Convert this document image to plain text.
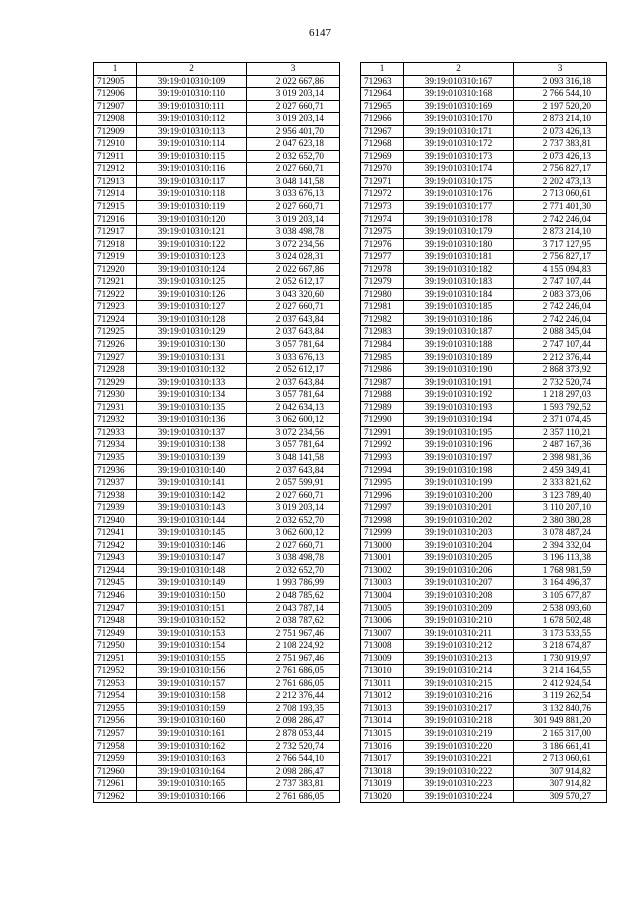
6147
1	2	3
712905	39:19:010310:109	2 022 667,86
712906	39:19:010310:110	3 019 203,14
712907	39:19:010310:111	2 027 660,71
712908	39:19:010310:112	3 019 203,14
712909	39:19:010310:113	2 956 401,70
712910	39:19:010310:114	2 047 623,18
712911	39:19:010310:115	2 032 652,70
712912	39:19:010310:116	2 027 660,71
712913	39:19:010310:117	3 048 141,58
712914	39:19:010310:118	3 033 676,13
712915	39:19:010310:119	2 027 660,71
712916	39:19:010310:120	3 019 203,14
712917	39:19:010310:121	3 038 498,78
712918	39:19:010310:122	3 072 234,56
712919	39:19:010310:123	3 024 028,31
712920	39:19:010310:124	2 022 667,86
712921	39:19:010310:125	2 052 612,17
712922	39:19:010310:126	3 043 320,60
712923	39:19:010310:127	2 027 660,71
712924	39:19:010310:128	2 037 643,84
712925	39:19:010310:129	2 037 643,84
712926	39:19:010310:130	3 057 781,64
712927	39:19:010310:131	3 033 676,13
712928	39:19:010310:132	2 052 612,17
712929	39:19:010310:133	2 037 643,84
712930	39:19:010310:134	3 057 781,64
712931	39:19:010310:135	2 042 634,13
712932	39:19:010310:136	3 062 600,12
712933	39:19:010310:137	3 072 234,56
712934	39:19:010310:138	3 057 781,64
712935	39:19:010310:139	3 048 141,58
712936	39:19:010310:140	2 037 643,84
712937	39:19:010310:141	2 057 599,91
712938	39:19:010310:142	2 027 660,71
712939	39:19:010310:143	3 019 203,14
712940	39:19:010310:144	2 032 652,70
712941	39:19:010310:145	3 062 600,12
712942	39:19:010310:146	2 027 660,71
712943	39:19:010310:147	3 038 498,78
712944	39:19:010310:148	2 032 652,70
712945	39:19:010310:149	1 993 786,99
712946	39:19:010310:150	2 048 785,62
712947	39:19:010310:151	2 043 787,14
712948	39:19:010310:152	2 038 787,62
712949	39:19:010310:153	2 751 967,46
712950	39:19:010310:154	2 108 224,92
712951	39:19:010310:155	2 751 967,46
712952	39:19:010310:156	2 761 686,05
712953	39:19:010310:157	2 761 686,05
712954	39:19:010310:158	2 212 376,44
712955	39:19:010310:159	2 708 193,35
712956	39:19:010310:160	2 098 286,47
712957	39:19:010310:161	2 878 053,44
712958	39:19:010310:162	2 732 520,74
712959	39:19:010310:163	2 766 544,10
712960	39:19:010310:164	2 098 286,47
712961	39:19:010310:165	2 737 383,81
712962	39:19:010310:166	2 761 686,05
1	2	3
712963	39:19:010310:167	2 093 316,18
712964	39:19:010310:168	2 766 544,10
712965	39:19:010310:169	2 197 520,20
712966	39:19:010310:170	2 873 214,10
712967	39:19:010310:171	2 073 426,13
712968	39:19:010310:172	2 737 383,81
712969	39:19:010310:173	2 073 426,13
712970	39:19:010310:174	2 756 827,17
712971	39:19:010310:175	2 202 473,13
712972	39:19:010310:176	2 713 060,61
712973	39:19:010310:177	2 771 401,30
712974	39:19:010310:178	2 742 246,04
712975	39:19:010310:179	2 873 214,10
712976	39:19:010310:180	3 717 127,95
712977	39:19:010310:181	2 756 827,17
712978	39:19:010310:182	4 155 094,83
712979	39:19:010310:183	2 747 107,44
712980	39:19:010310:184	2 083 373,06
712981	39:19:010310:185	2 742 246,04
712982	39:19:010310:186	2 742 246,04
712983	39:19:010310:187	2 088 345,04
712984	39:19:010310:188	2 747 107,44
712985	39:19:010310:189	2 212 376,44
712986	39:19:010310:190	2 868 373,92
712987	39:19:010310:191	2 732 520,74
712988	39:19:010310:192	1 218 297,03
712989	39:19:010310:193	1 593 792,52
712990	39:19:010310:194	2 371 074,45
712991	39:19:010310:195	2 357 110,21
712992	39:19:010310:196	2 487 167,36
712993	39:19:010310:197	2 398 981,36
712994	39:19:010310:198	2 459 349,41
712995	39:19:010310:199	2 333 821,62
712996	39:19:010310:200	3 123 789,40
712997	39:19:010310:201	3 110 207,10
712998	39:19:010310:202	2 380 380,28
712999	39:19:010310:203	3 078 487,24
713000	39:19:010310:204	2 394 332,04
713001	39:19:010310:205	3 196 113,38
713002	39:19:010310:206	1 768 981,59
713003	39:19:010310:207	3 164 496,37
713004	39:19:010310:208	3 105 677,87
713005	39:19:010310:209	2 538 093,60
713006	39:19:010310:210	1 678 502,48
713007	39:19:010310:211	3 173 533,55
713008	39:19:010310:212	3 218 674,87
713009	39:19:010310:213	1 730 919,97
713010	39:19:010310:214	3 214 164,55
713011	39:19:010310:215	2 412 924,54
713012	39:19:010310:216	3 119 262,54
713013	39:19:010310:217	3 132 840,76
713014	39:19:010310:218	301 949 881,20
713015	39:19:010310:219	2 165 317,00
713016	39:19:010310:220	3 186 661,41
713017	39:19:010310:221	2 713 060,61
713018	39:19:010310:222	307 914,82
713019	39:19:010310:223	307 914,82
713020	39:19:010310:224	309 570,27
